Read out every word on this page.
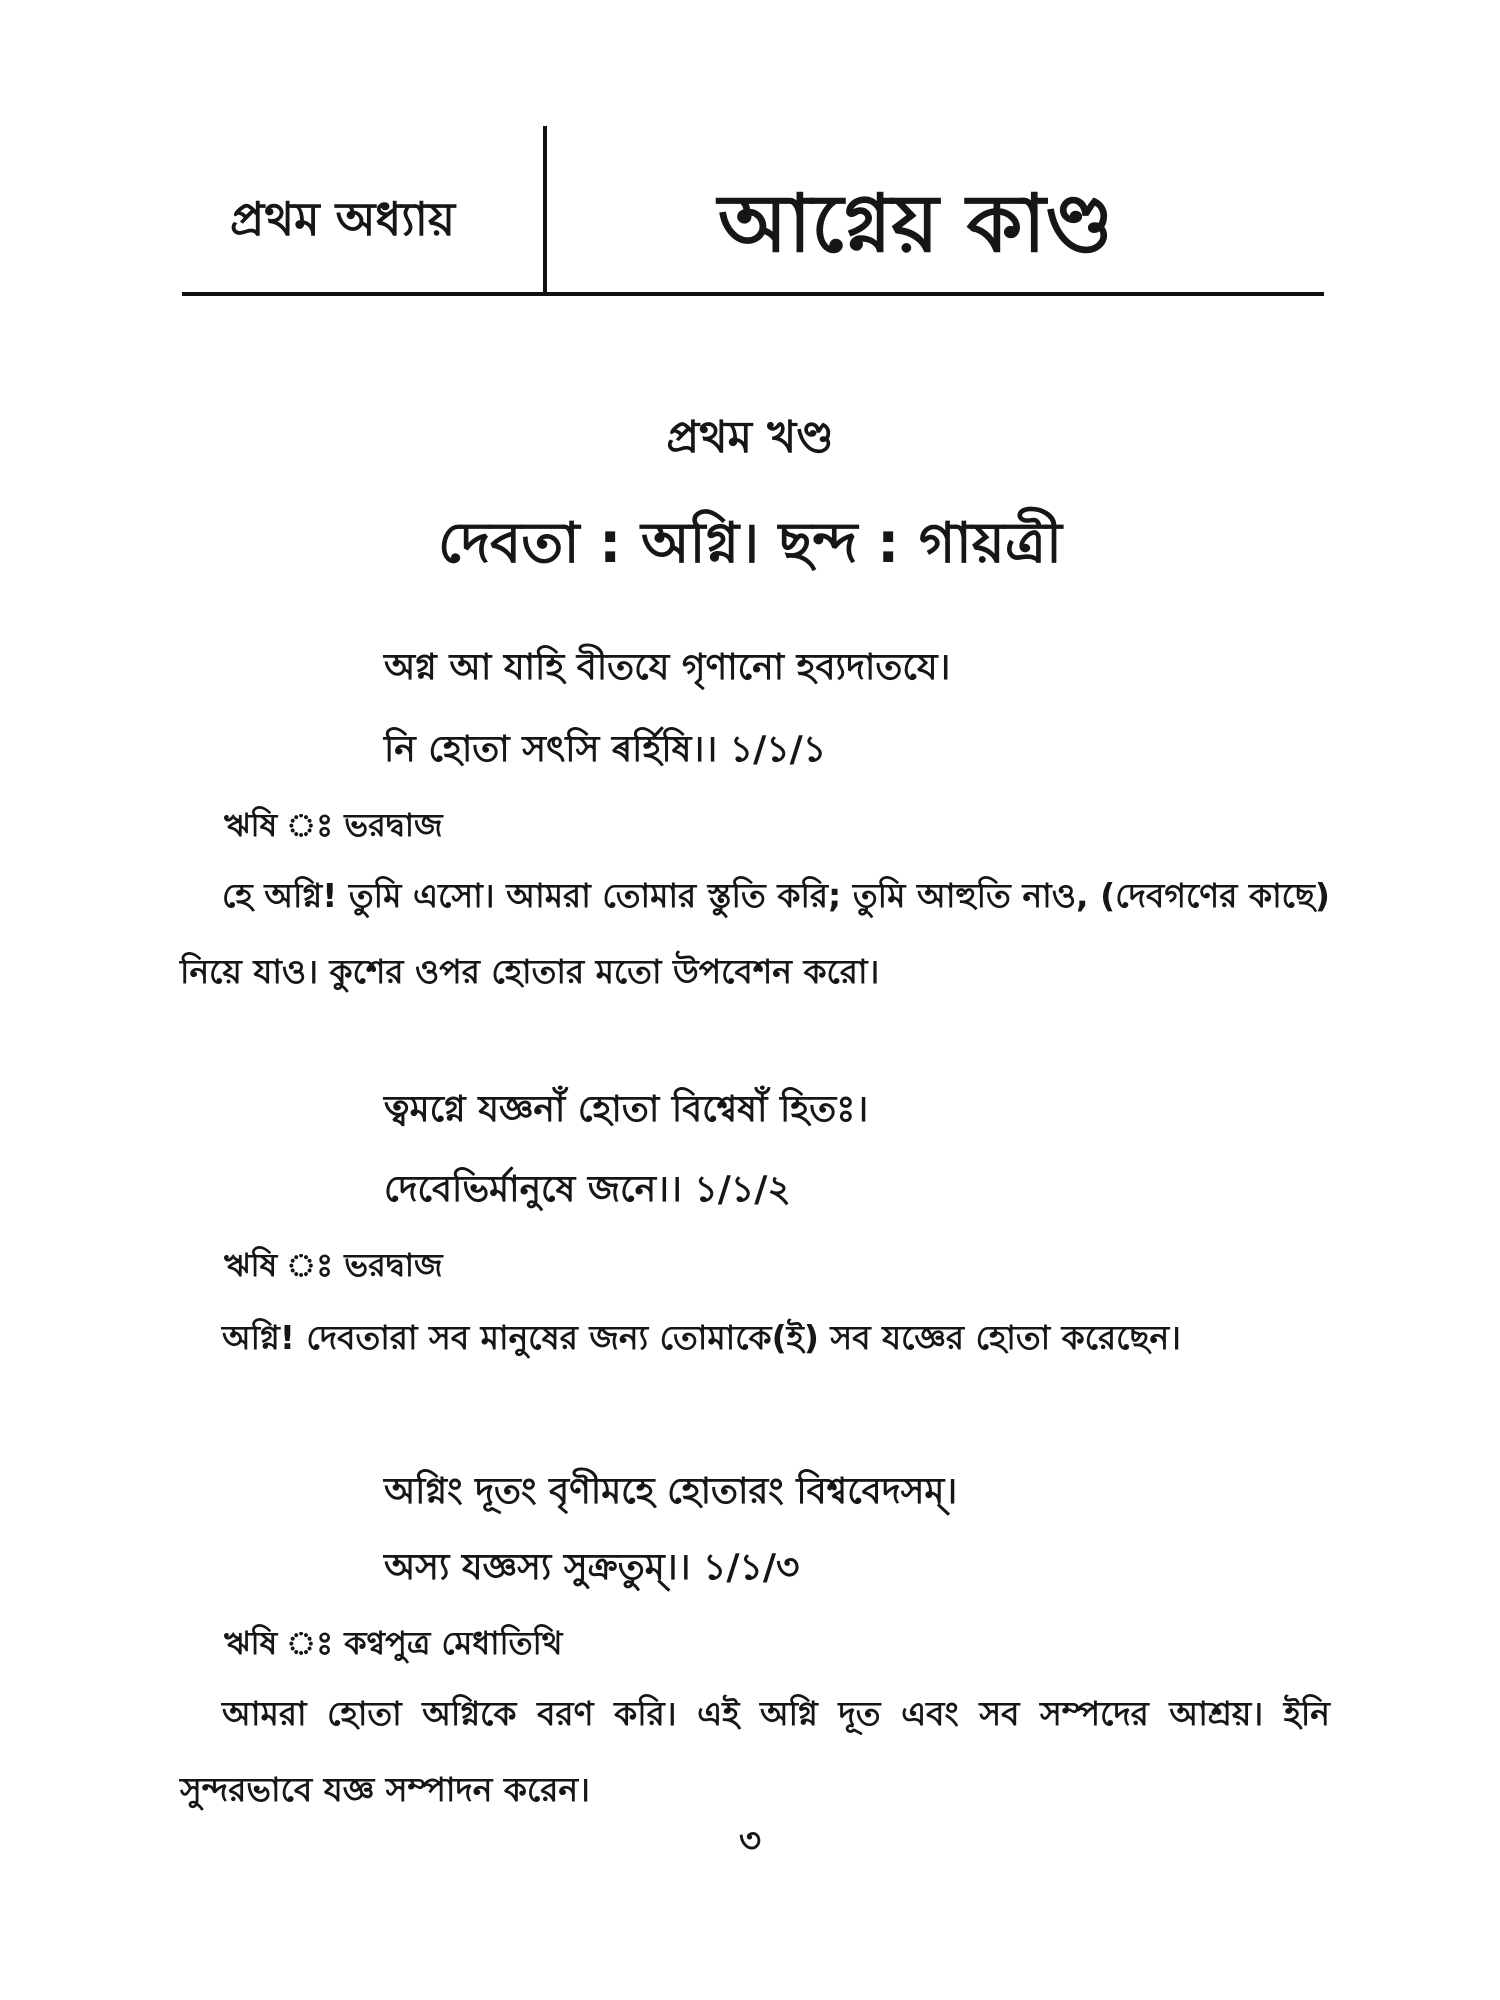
প্রথম অধ্যায়	আগ্নেয় কাণ্ড
প্রথম খণ্ড
দেবতা : অগ্নি। ছন্দ : গায়ত্রী
অগ্ন আ যাহি বীতযে গৃণানো হব্যদাতযে।
নি হোতা সৎসি ৰর্হিষি।। ১/১/১
ঋষি ঃ ভরদ্বাজ
হে অগ্নি! তুমি এসো। আমরা তোমার স্তুতি করি; তুমি আহুতি নাও, (দেবগণের কাছে) নিয়ে যাও। কুশের ওপর হোতার মতো উপবেশন করো।
ত্বমগ্নে যজ্ঞনাঁ হোতা বিশ্বেষাঁ হিতঃ।
দেবেভির্মানুষে জনে।। ১/১/২
ঋষি ঃ ভরদ্বাজ
অগ্নি! দেবতারা সব মানুষের জন্য তোমাকে(ই) সব যজ্ঞের হোতা করেছেন।
অগ্নিং দূতং বৃণীমহে হোতারং বিশ্ববেদসম্।
অস্য যজ্ঞস্য সুক্রতুম্।। ১/১/৩
ঋষি ঃ কণ্বপুত্র মেধাতিথি
আমরা হোতা অগ্নিকে বরণ করি। এই অগ্নি দূত এবং সব সম্পদের আশ্রয়। ইনি সুন্দরভাবে যজ্ঞ সম্পাদন করেন।
৩
